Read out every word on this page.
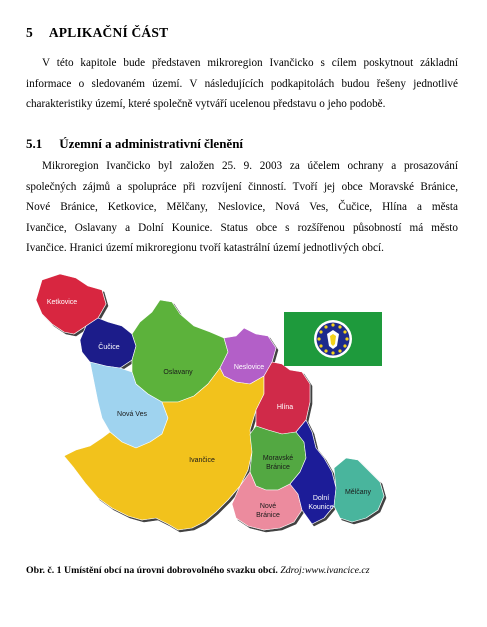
5 APLIKAČNÍ ČÁST
V této kapitole bude představen mikroregion Ivančicko s cílem poskytnout základní
informace o sledovaném území. V následujících podkapitolách budou řešeny jednotlivé
charakteristiky území, které společně vytváří ucelenou představu o jeho podobě.
5.1 Územní a administrativní členění
Mikroregion Ivančicko byl založen 25. 9. 2003 za účelem ochrany a prosazování
společných zájmů a spolupráce při rozvíjení činností. Tvoří jej obce Moravské Bránice,
Nové Bránice, Ketkovice, Mělčany, Neslovice, Nová Ves, Čučice, Hlína a města
Ivančice, Oslavany a Dolní Kounice. Status obce s rozšířenou působností má město
Ivančice. Hranici území mikroregionu tvoří katastrální území jednotlivých obcí.
Ketkovice
Čučice
Neslovice
Hlína
Dolní
Kounice
Oslavany
Nová Ves
Ivančice	Moravské
Bránice
Nové
Bránice
Mělčany
Obr. č. 1 Umístění obcí na úrovni dobrovolného svazku obcí. Zdroj:www.ivancice.cz
